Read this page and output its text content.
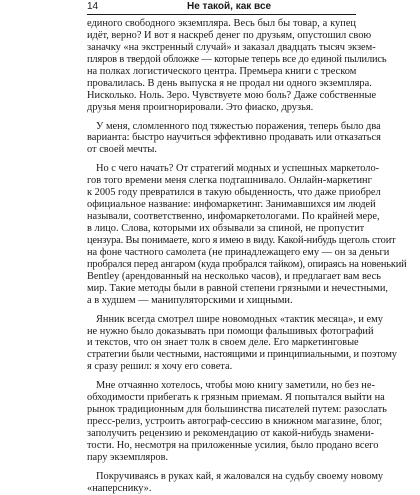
14	Не такой, как все
единого свободного экземпляра. Весь был бы товар, а купец
идёт, верно? И вот я наскреб денег по друзьям, опустошил свою
заначку «на экстренный случай» и заказал двадцать тысяч экзем-
пляров в твердой обложке — которые теперь все до единой пылились
на полках логистического центра. Премьера книги с треском
провалилась. В день выпуска я не продал ни одного экземпляра.
Нисколько. Ноль. Зеро. Чувствуете мою боль? Даже собственные
друзья меня проигнорировали. Это фиаско, друзья.
У меня, сломленного под тяжестью поражения, теперь было два
варианта: быстро научиться эффективно продавать или отказаться
от своей мечты.
Но с чего начать? От стратегий модных и успешных маркетоло-
гов того времени меня слегка подташнивало. Онлайн-маркетинг
к 2005 году превратился в такую обыденность, что даже приобрел
официальное название: инфомаркетинг. Занимавшихся им людей
называли, соответственно, инфомаркетологами. По крайней мере,
в лицо. Слова, которыми их обзывали за спиной, не пропустит
цензура. Вы понимаете, кого я имею в виду. Какой-нибудь щеголь стоит
на фоне частного самолета (не принадлежащего ему — он за деньги
пробрался перед ангаром (куда пробрался тайком), опираясь на новенький
Bentley (арендованный на несколько часов), и предлагает вам весь
мир. Такие методы были в равной степени грязными и нечестными,
а в худшем — манипуляторскими и хищными.
Янник всегда смотрел шире новомодных «тактик месяца», и ему
не нужно было доказывать при помощи фальшивых фотографий
и текстов, что он знает толк в своем деле. Его маркетинговые
стратегии были честными, настоящими и принципиальными, и поэтому
я сразу решил: я хочу его совета.
Мне отчаянно хотелось, чтобы мою книгу заметили, но без не-
обходимости прибегать к грязным приемам. Я попытался выйти на
рынок традиционным для большинства писателей путем: разослать
пресс-релиз, устроить автограф-сессию в книжном магазине, блог,
заполучить рецензию и рекомендацию от какой-нибудь знамени-
тости. Но, несмотря на приложенные усилия, было продано всего
пару экземпляров.
Покручиваясь в руках кай, я жаловался на судьбу своему новому
«наперснику».
